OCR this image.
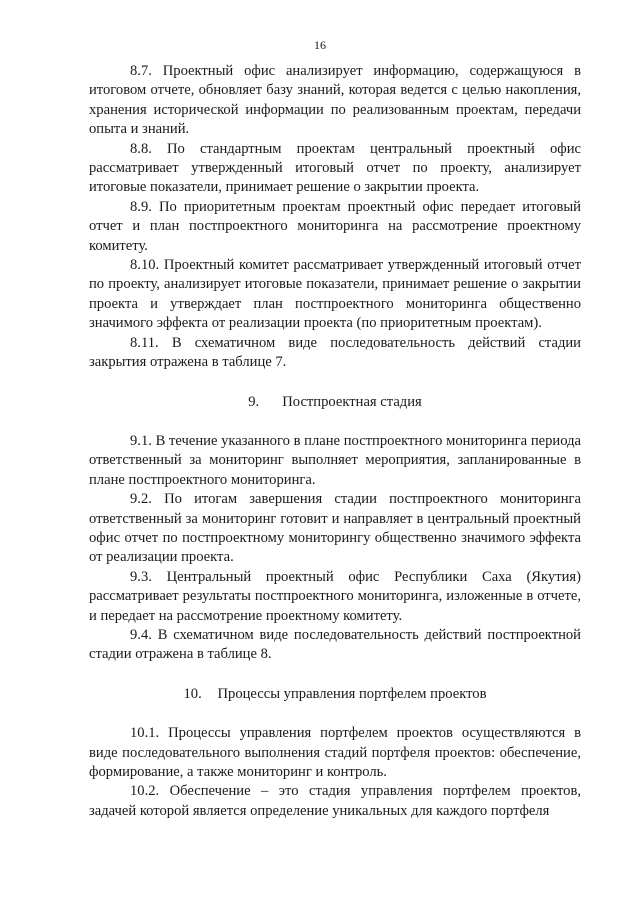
16

8.7. Проектный офис анализирует информацию, содержащуюся в итоговом отчете, обновляет базу знаний, которая ведется с целью накопления, хранения исторической информации по реализованным проектам, передачи опыта и знаний.

8.8. По стандартным проектам центральный проектный офис рассматривает утвержденный итоговый отчет по проекту, анализирует итоговые показатели, принимает решение о закрытии проекта.

8.9. По приоритетным проектам проектный офис передает итоговый отчет и план постпроектного мониторинга на рассмотрение проектному комитету.

8.10. Проектный комитет рассматривает утвержденный итоговый отчет по проекту, анализирует итоговые показатели, принимает решение о закрытии проекта и утверждает план постпроектного мониторинга общественно значимого эффекта от реализации проекта (по приоритетным проектам).

8.11. В схематичном виде последовательность действий стадии закрытия отражена в таблице 7.

9. Постпроектная стадия

9.1. В течение указанного в плане постпроектного мониторинга периода ответственный за мониторинг выполняет мероприятия, запланированные в плане постпроектного мониторинга.

9.2. По итогам завершения стадии постпроектного мониторинга ответственный за мониторинг готовит и направляет в центральный проектный офис отчет по постпроектному мониторингу общественно значимого эффекта от реализации проекта.

9.3. Центральный проектный офис Республики Саха (Якутия) рассматривает результаты постпроектного мониторинга, изложенные в отчете, и передает на рассмотрение проектному комитету.

9.4. В схематичном виде последовательность действий постпроектной стадии отражена в таблице 8.

10. Процессы управления портфелем проектов

10.1. Процессы управления портфелем проектов осуществляются в виде последовательного выполнения стадий портфеля проектов: обеспечение, формирование, а также мониторинг и контроль.

10.2. Обеспечение – это стадия управления портфелем проектов, задачей которой является определение уникальных для каждого портфеля
